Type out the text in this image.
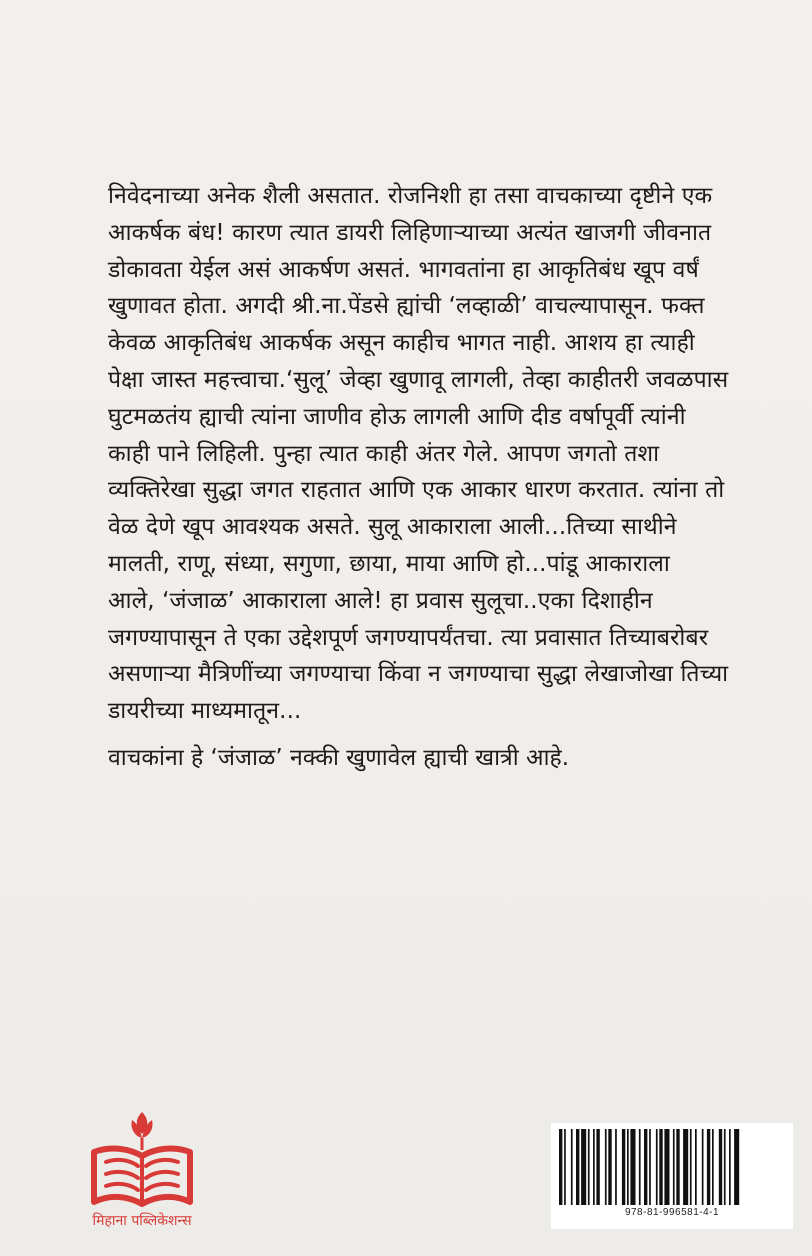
निवेदनाच्या अनेक शैली असतात. रोजनिशी हा तसा वाचकाच्या दृष्टीने एक
आकर्षक बंध! कारण त्यात डायरी लिहिणाऱ्याच्या अत्यंत खाजगी जीवनात
डोकावता येईल असं आकर्षण असतं. भागवतांना हा आकृतिबंध खूप वर्षं
खुणावत होता. अगदी श्री.ना.पेंडसे ह्यांची ‘लव्हाळी’ वाचल्यापासून. फक्त
केवळ आकृतिबंध आकर्षक असून काहीच भागत नाही. आशय हा त्याही
पेक्षा जास्त महत्त्वाचा.‘सुलू’ जेव्हा खुणावू लागली, तेव्हा काहीतरी जवळपास
घुटमळतंय ह्याची त्यांना जाणीव होऊ लागली आणि दीड वर्षापूर्वी त्यांनी
काही पाने लिहिली. पुन्हा त्यात काही अंतर गेले. आपण जगतो तशा
व्यक्तिरेखा सुद्धा जगत राहतात आणि एक आकार धारण करतात. त्यांना तो
वेळ देणे खूप आवश्यक असते. सुलू आकाराला आली...तिच्या साथीने
मालती, राणू, संध्या, सगुणा, छाया, माया आणि हो...पांडू आकाराला
आले, ‘जंजाळ’ आकाराला आले! हा प्रवास सुलूचा..एका दिशाहीन
जगण्यापासून ते एका उद्देशपूर्ण जगण्यापर्यंतचा. त्या प्रवासात तिच्याबरोबर
असणाऱ्या मैत्रिणींच्या जगण्याचा किंवा न जगण्याचा सुद्धा लेखाजोखा तिच्या
डायरीच्या माध्यमातून...
वाचकांना हे ‘जंजाळ’ नक्की खुणावेल ह्याची खात्री आहे.
मिहाना पब्लिकेशन्स
978-81-996581-4-1
